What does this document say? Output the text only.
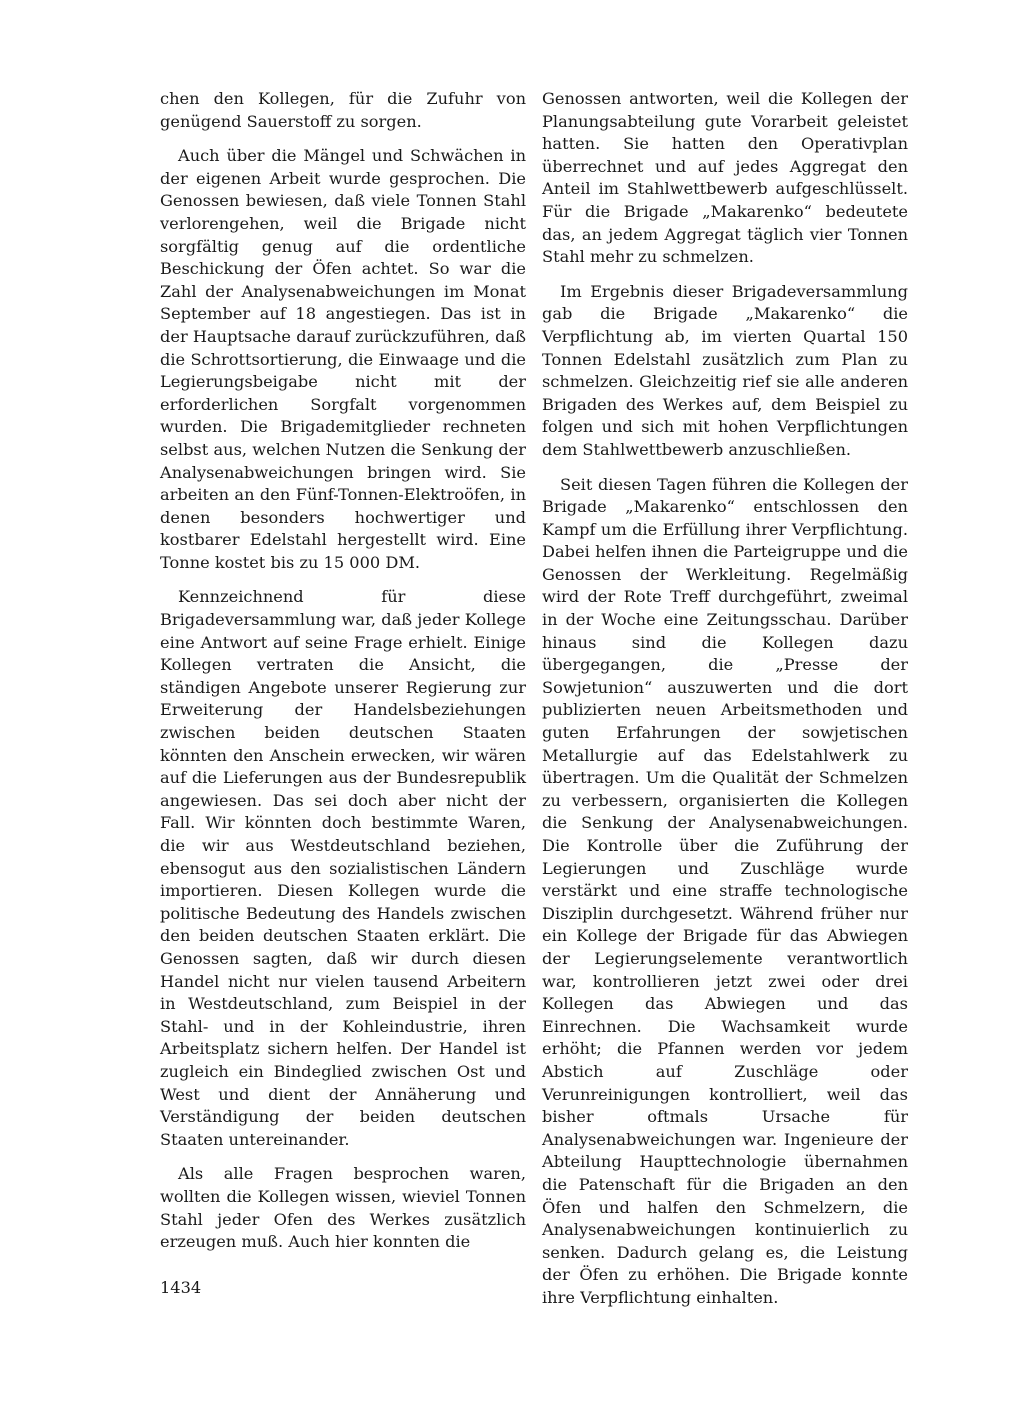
chen den Kollegen, für die Zufuhr von genügend Sauerstoff zu sorgen.

Auch über die Mängel und Schwächen in der eigenen Arbeit wurde gesprochen. Die Genossen bewiesen, daß viele Tonnen Stahl verlorengehen, weil die Brigade nicht sorgfältig genug auf die ordentliche Beschickung der Öfen achtet. So war die Zahl der Analysenabweichungen im Monat September auf 18 angestiegen. Das ist in der Hauptsache darauf zurückzuführen, daß die Schrottsortierung, die Einwaage und die Legierungsbeigabe nicht mit der erforderlichen Sorgfalt vorgenommen wurden. Die Brigademitglieder rechneten selbst aus, welchen Nutzen die Senkung der Analysenabweichungen bringen wird. Sie arbeiten an den Fünf-Tonnen-Elektroöfen, in denen besonders hochwertiger und kostbarer Edelstahl hergestellt wird. Eine Tonne kostet bis zu 15 000 DM.

Kennzeichnend für diese Brigadeversammlung war, daß jeder Kollege eine Antwort auf seine Frage erhielt. Einige Kollegen vertraten die Ansicht, die ständigen Angebote unserer Regierung zur Erweiterung der Handelsbeziehungen zwischen beiden deutschen Staaten könnten den Anschein erwecken, wir wären auf die Lieferungen aus der Bundesrepublik angewiesen. Das sei doch aber nicht der Fall. Wir könnten doch bestimmte Waren, die wir aus Westdeutschland beziehen, ebensogut aus den sozialistischen Ländern importieren. Diesen Kollegen wurde die politische Bedeutung des Handels zwischen den beiden deutschen Staaten erklärt. Die Genossen sagten, daß wir durch diesen Handel nicht nur vielen tausend Arbeitern in Westdeutschland, zum Beispiel in der Stahl- und in der Kohleindustrie, ihren Arbeitsplatz sichern helfen. Der Handel ist zugleich ein Bindeglied zwischen Ost und West und dient der Annäherung und Verständigung der beiden deutschen Staaten untereinander.

Als alle Fragen besprochen waren, wollten die Kollegen wissen, wieviel Tonnen Stahl jeder Ofen des Werkes zusätzlich erzeugen muß. Auch hier konnten die

Genossen antworten, weil die Kollegen der Planungsabteilung gute Vorarbeit geleistet hatten. Sie hatten den Operativplan überrechnet und auf jedes Aggregat den Anteil im Stahlwettbewerb aufgeschlüsselt. Für die Brigade „Makarenko“ bedeutete das, an jedem Aggregat täglich vier Tonnen Stahl mehr zu schmelzen.

Im Ergebnis dieser Brigadeversammlung gab die Brigade „Makarenko“ die Verpflichtung ab, im vierten Quartal 150 Tonnen Edelstahl zusätzlich zum Plan zu schmelzen. Gleichzeitig rief sie alle anderen Brigaden des Werkes auf, dem Beispiel zu folgen und sich mit hohen Verpflichtungen dem Stahlwettbewerb anzuschließen.

Seit diesen Tagen führen die Kollegen der Brigade „Makarenko“ entschlossen den Kampf um die Erfüllung ihrer Verpflichtung. Dabei helfen ihnen die Parteigruppe und die Genossen der Werkleitung. Regelmäßig wird der Rote Treff durchgeführt, zweimal in der Woche eine Zeitungsschau. Darüber hinaus sind die Kollegen dazu übergegangen, die „Presse der Sowjetunion“ auszuwerten und die dort publizierten neuen Arbeitsmethoden und guten Erfahrungen der sowjetischen Metallurgie auf das Edelstahlwerk zu übertragen. Um die Qualität der Schmelzen zu verbessern, organisierten die Kollegen die Senkung der Analysenabweichungen. Die Kontrolle über die Zuführung der Legierungen und Zuschläge wurde verstärkt und eine straffe technologische Disziplin durchgesetzt. Während früher nur ein Kollege der Brigade für das Abwiegen der Legierungselemente verantwortlich war, kontrollieren jetzt zwei oder drei Kollegen das Abwiegen und das Einrechnen. Die Wachsamkeit wurde erhöht; die Pfannen werden vor jedem Abstich auf Zuschläge oder Verunreinigungen kontrolliert, weil das bisher oftmals Ursache für Analysenabweichungen war. Ingenieure der Abteilung Haupttechnologie übernahmen die Patenschaft für die Brigaden an den Öfen und halfen den Schmelzern, die Analysenabweichungen kontinuierlich zu senken. Dadurch gelang es, die Leistung der Öfen zu erhöhen. Die Brigade konnte ihre Verpflichtung einhalten.

1434
